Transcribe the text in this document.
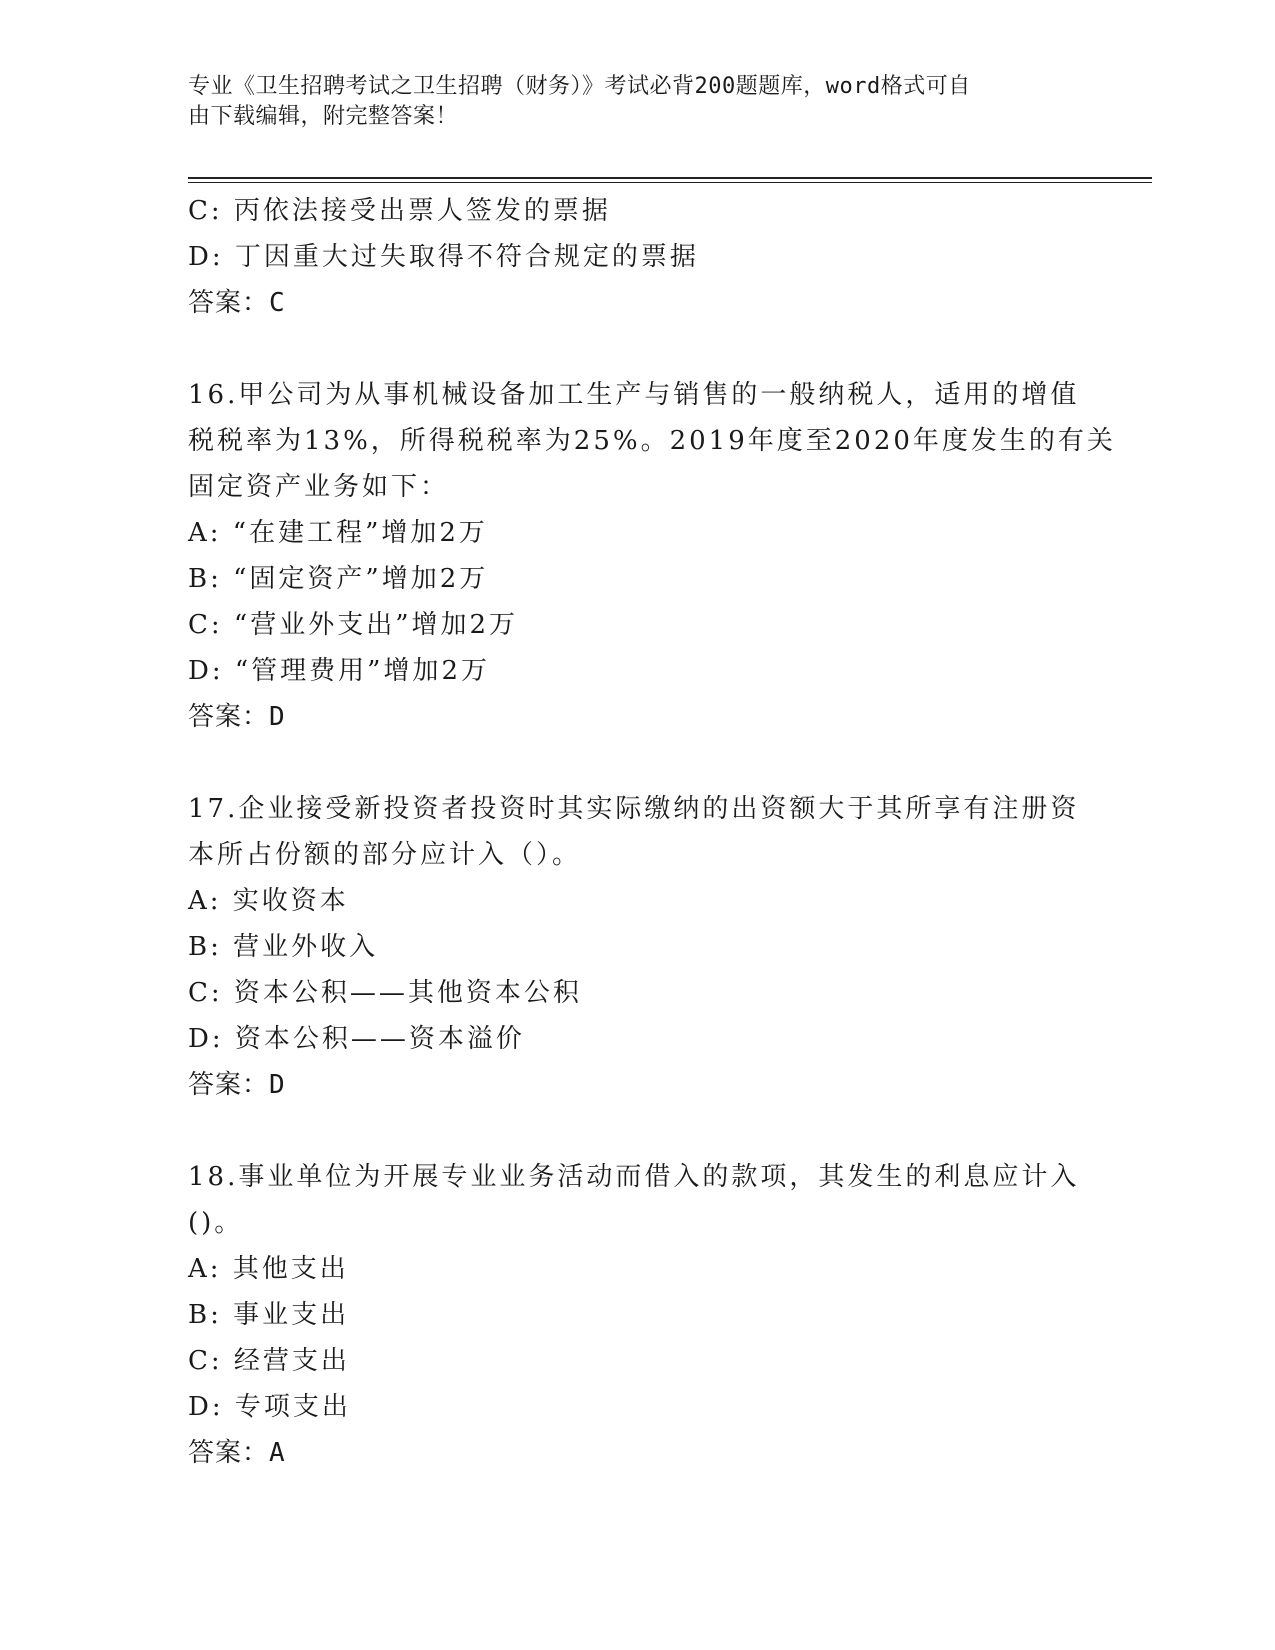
专业《卫生招聘考试之卫生招聘（财务）》考试必背200题题库，word格式可自
由下载编辑，附完整答案！
C: 丙依法接受出票人签发的票据
D: 丁因重大过失取得不符合规定的票据
答案：C
16.甲公司为从事机械设备加工生产与销售的一般纳税人，适用的增值
税税率为13%，所得税税率为25%。2019年度至2020年度发生的有关
固定资产业务如下：
A: “在建工程”增加2万
B: “固定资产”增加2万
C: “营业外支出”增加2万
D: “管理费用”增加2万
答案：D
17.企业接受新投资者投资时其实际缴纳的出资额大于其所享有注册资
本所占份额的部分应计入（）。
A: 实收资本
B: 营业外收入
C: 资本公积——其他资本公积
D: 资本公积——资本溢价
答案：D
18.事业单位为开展专业业务活动而借入的款项，其发生的利息应计入
()。
A: 其他支出
B: 事业支出
C: 经营支出
D: 专项支出
答案：A
